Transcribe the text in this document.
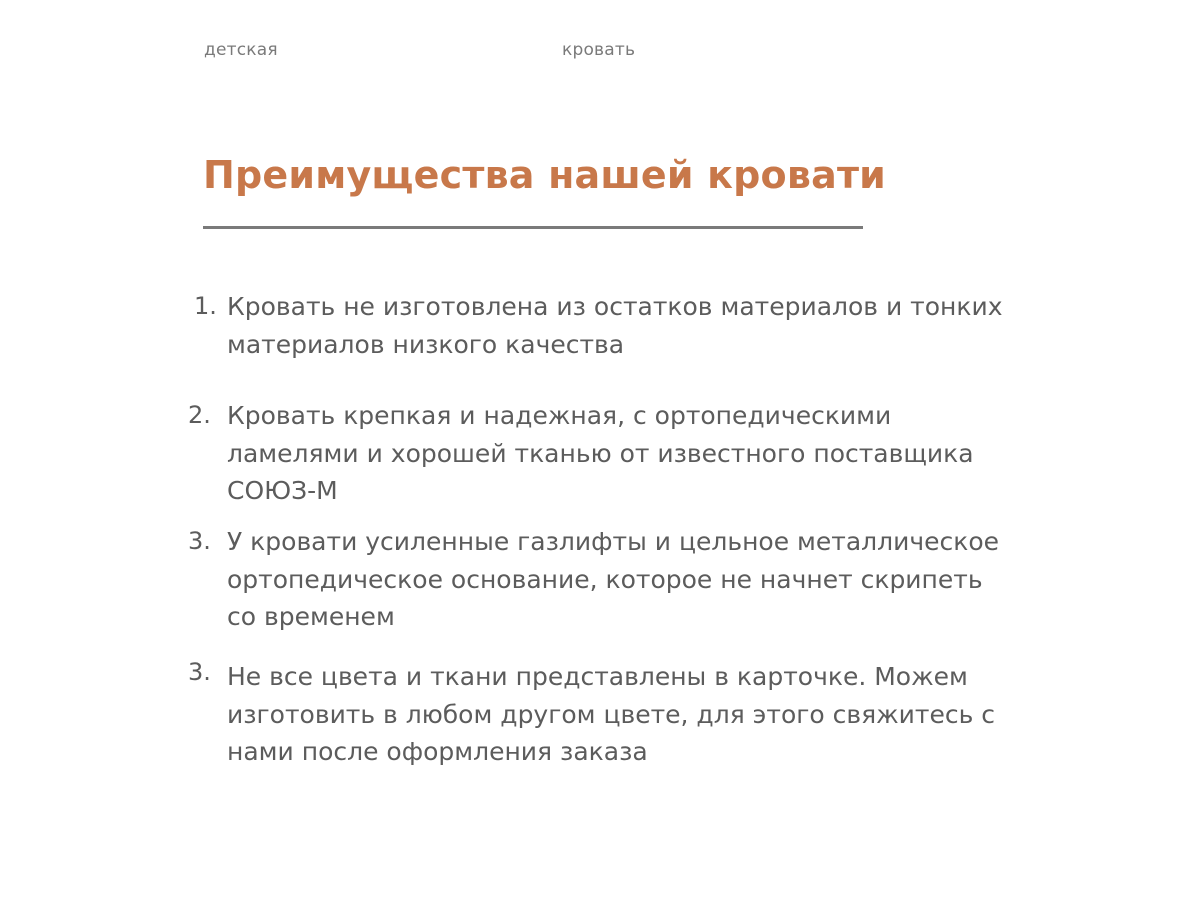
детская	кровать
Преимущества нашей кровати
1. Кровать не изготовлена из остатков материалов и тонких
материалов низкого качества
2. Кровать крепкая и надежная, с ортопедическими
ламелями и хорошей тканью от известного поставщика
СОЮЗ-М
3. У кровати усиленные газлифты и цельное металлическое
ортопедическое основание, которое не начнет скрипеть
со временем
3. Не все цвета и ткани представлены в карточке. Можем
изготовить в любом другом цвете, для этого свяжитесь с
нами после оформления заказа
